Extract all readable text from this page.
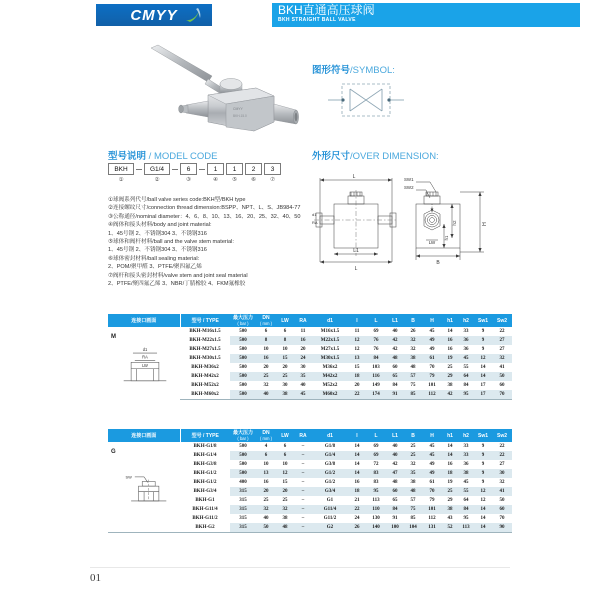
CMYY	BKH直通高压球阀
BKH STRAIGHT BALL VALVE
CMYY
BKH-15.0
型号说明 / MODEL CODE
BKH	G1/4	6	1	1	2	3
①	②	③	④	⑤	⑥	⑦
①球阀系列代号/ball valve series code:BKH型/BKH type
②连接螺纹尺寸/connection thread dimension:BSPP、NPT、L、S、JB984-77
③公称通径/nominal diameter：4、6、8、10、13、16、20、25、32、40、50
④阀体和接头材料/body and joint material:
1、45号钢 2、不锈钢304 3、不锈钢316
⑤球体和阀杆材料/ball and the valve stem material:
1、45号钢 2、不锈钢304 3、不锈钢316
⑥球体密封材料/ball sealing material:
2、POM/聚甲醛 3、PTFE/聚四氟乙烯
⑦阀杆和接头密封材料/valve stem and joint seal material
2、PTFE/聚四氟乙烯 3、NBR/丁腈橡胶 4、FKM氟橡胶
图形符号/SYMBOL:
外形尺寸/OVER DIMENSION:
L
L1
L
d1
RA
SW1
SW2
h2
h1
H
LW
B
连接口画面	型号 / TYPE	最大压力
( bar )	DN
( mm )	LW	RA	d1	l	L	L1	B	H	h1	h2	Sw1	Sw2
	BKH-M16x1.5	500	6	6	11	M16x1.5	11	69	40	26	45	14	33	9	22
	BKH-M22x1.5	500	8	8	16	M22x1.5	12	76	42	32	49	16	36	9	27
	BKH-M27x1.5	500	10	10	20	M27x1.5	12	76	42	32	49	16	36	9	27
	BKH-M30x1.5	500	16	15	24	M30x1.5	13	84	48	38	61	19	45	12	32
	BKH-M36x2	500	20	20	30	M36x2	15	103	60	48	70	25	55	14	41
	BKH-M42x2	500	25	25	35	M42x2	18	116	65	57	79	29	64	14	50
	BKH-M52x2	500	32	30	40	M52x2	20	149	84	75	101	38	84	17	60
	BKH-M60x2	500	40	38	45	M60x2	22	174	91	85	112	42	95	17	70
M
d1
RA
LW
连接口画面	型号 / TYPE	最大压力
( bar )	DN
( mm )	LW	RA	d1	l	L	L1	B	H	h1	h2	Sw1	Sw2
	BKH-G1/8	500	4	6	–	G1/8	14	69	40	25	45	14	33	9	22
	BKH-G1/4	500	6	6	–	G1/4	14	69	40	25	45	14	33	9	22
	BKH-G3/8	500	10	10	–	G3/8	14	72	42	32	49	16	36	9	27
	BKH-G1/2	500	13	12	–	G1/2	14	83	47	35	49	18	38	9	30
	BKH-G1/2	400	16	15	–	G1/2	16	83	48	38	61	19	45	9	32
	BKH-G3/4	315	20	20	–	G3/4	18	95	60	48	70	25	55	12	41
	BKH-G1	315	25	25	–	G1	21	113	65	57	79	29	64	12	50
	BKH-G11/4	315	32	32	–	G11/4	22	110	84	75	101	38	84	14	60
	BKH-G11/2	315	40	38	–	G11/2	24	130	91	85	112	43	95	14	70
	BKH-G2	315	50	48	–	G2	26	140	100	104	131	52	113	14	90
G
SW
01
